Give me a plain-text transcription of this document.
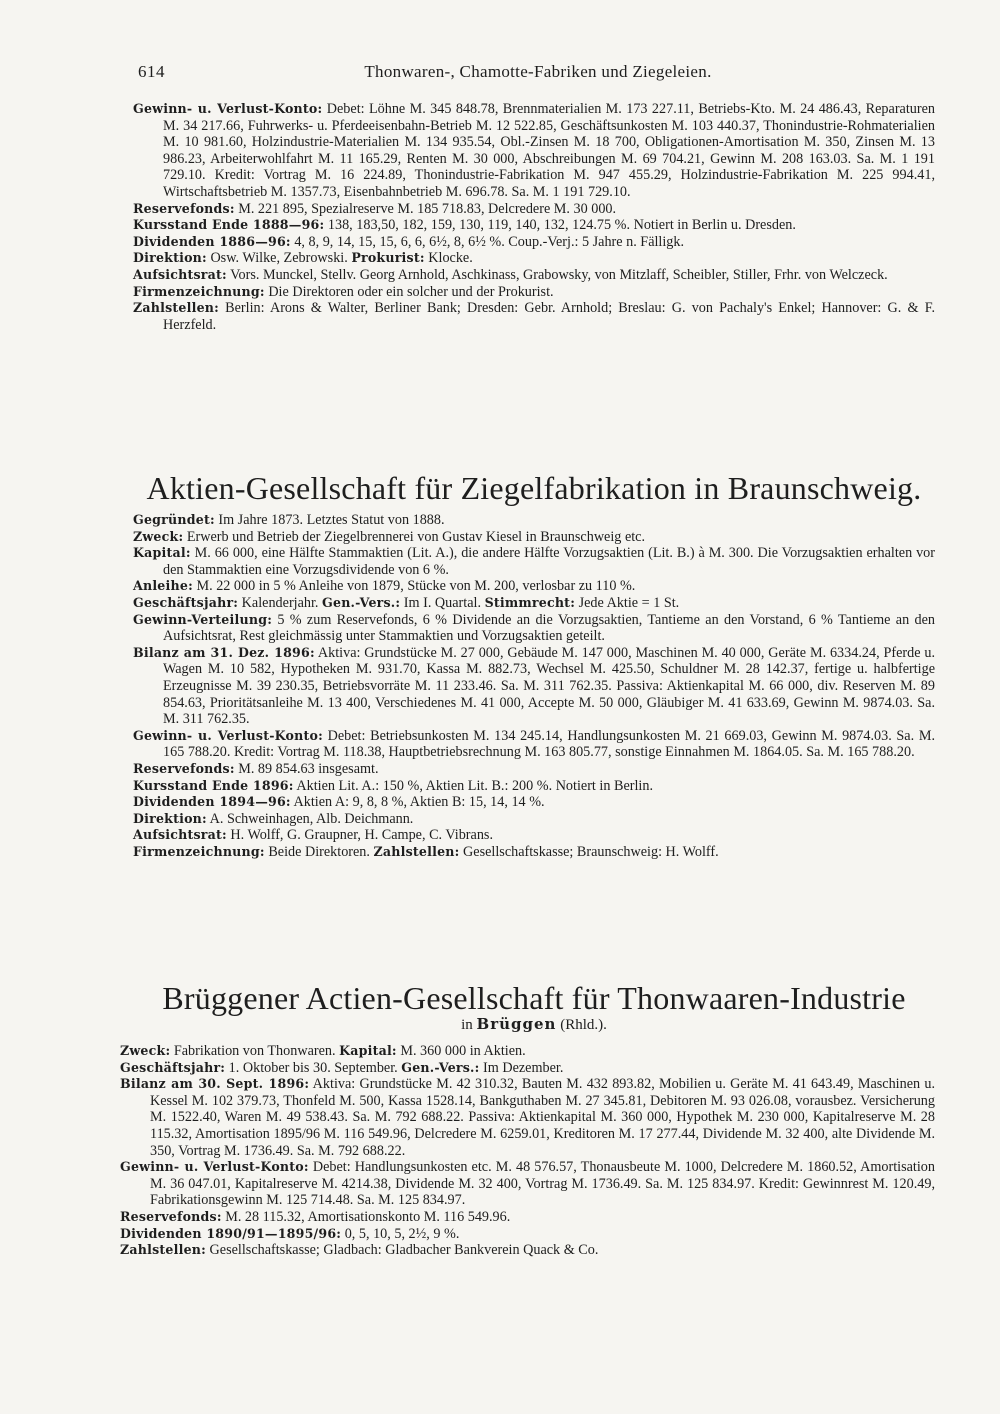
614	Thonwaren-, Chamotte-Fabriken und Ziegeleien.

Gewinn- u. Verlust-Konto: Debet: Löhne M. 345 848.78, Brennmaterialien M. 173 227.11, Betriebs-Kto. M. 24 486.43, Reparaturen M. 34 217.66, Fuhrwerks- u. Pferdeeisenbahn-Betrieb M. 12 522.85, Geschäftsunkosten M. 103 440.37, Thonindustrie-Rohmaterialien M. 10 981.60, Holzindustrie-Materialien M. 134 935.54, Obl.-Zinsen M. 18 700, Obligationen-Amortisation M. 350, Zinsen M. 13 986.23, Arbeiterwohlfahrt M. 11 165.29, Renten M. 30 000, Abschreibungen M. 69 704.21, Gewinn M. 208 163.03. Sa. M. 1 191 729.10. Kredit: Vortrag M. 16 224.89, Thonindustrie-Fabrikation M. 947 455.29, Holzindustrie-Fabrikation M. 225 994.41, Wirtschaftsbetrieb M. 1357.73, Eisenbahnbetrieb M. 696.78. Sa. M. 1 191 729.10.

Reservefonds: M. 221 895, Spezialreserve M. 185 718.83, Delcredere M. 30 000.

Kursstand Ende 1888—96: 138, 183,50, 182, 159, 130, 119, 140, 132, 124.75 %. Notiert in Berlin u. Dresden.

Dividenden 1886—96: 4, 8, 9, 14, 15, 15, 6, 6, 6½, 8, 6½ %. Coup.-Verj.: 5 Jahre n. Fälligk.

Direktion: Osw. Wilke, Zebrowski. Prokurist: Klocke.

Aufsichtsrat: Vors. Munckel, Stellv. Georg Arnhold, Aschkinass, Grabowsky, von Mitzlaff, Scheibler, Stiller, Frhr. von Welczeck.

Firmenzeichnung: Die Direktoren oder ein solcher und der Prokurist.

Zahlstellen: Berlin: Arons & Walter, Berliner Bank; Dresden: Gebr. Arnhold; Breslau: G. von Pachaly's Enkel; Hannover: G. & F. Herzfeld.

Aktien-Gesellschaft für Ziegelfabrikation in Braunschweig.

Gegründet: Im Jahre 1873. Letztes Statut von 1888.

Zweck: Erwerb und Betrieb der Ziegelbrennerei von Gustav Kiesel in Braunschweig etc.

Kapital: M. 66 000, eine Hälfte Stammaktien (Lit. A.), die andere Hälfte Vorzugsaktien (Lit. B.) à M. 300. Die Vorzugsaktien erhalten vor den Stammaktien eine Vorzugsdividende von 6 %.

Anleihe: M. 22 000 in 5 % Anleihe von 1879, Stücke von M. 200, verlosbar zu 110 %.

Geschäftsjahr: Kalenderjahr. Gen.-Vers.: Im I. Quartal. Stimmrecht: Jede Aktie = 1 St.

Gewinn-Verteilung: 5 % zum Reservefonds, 6 % Dividende an die Vorzugsaktien, Tantieme an den Vorstand, 6 % Tantieme an den Aufsichtsrat, Rest gleichmässig unter Stammaktien und Vorzugsaktien geteilt.

Bilanz am 31. Dez. 1896: Aktiva: Grundstücke M. 27 000, Gebäude M. 147 000, Maschinen M. 40 000, Geräte M. 6334.24, Pferde u. Wagen M. 10 582, Hypotheken M. 931.70, Kassa M. 882.73, Wechsel M. 425.50, Schuldner M. 28 142.37, fertige u. halbfertige Erzeugnisse M. 39 230.35, Betriebsvorräte M. 11 233.46. Sa. M. 311 762.35. Passiva: Aktienkapital M. 66 000, div. Reserven M. 89 854.63, Prioritätsanleihe M. 13 400, Verschiedenes M. 41 000, Accepte M. 50 000, Gläubiger M. 41 633.69, Gewinn M. 9874.03. Sa. M. 311 762.35.

Gewinn- u. Verlust-Konto: Debet: Betriebsunkosten M. 134 245.14, Handlungsunkosten M. 21 669.03, Gewinn M. 9874.03. Sa. M. 165 788.20. Kredit: Vortrag M. 118.38, Hauptbetriebsrechnung M. 163 805.77, sonstige Einnahmen M. 1864.05. Sa. M. 165 788.20.

Reservefonds: M. 89 854.63 insgesamt.

Kursstand Ende 1896: Aktien Lit. A.: 150 %, Aktien Lit. B.: 200 %. Notiert in Berlin.

Dividenden 1894—96: Aktien A: 9, 8, 8 %, Aktien B: 15, 14, 14 %.

Direktion: A. Schweinhagen, Alb. Deichmann.

Aufsichtsrat: H. Wolff, G. Graupner, H. Campe, C. Vibrans.

Firmenzeichnung: Beide Direktoren. Zahlstellen: Gesellschaftskasse; Braunschweig: H. Wolff.

Brüggener Actien-Gesellschaft für Thonwaaren-Industrie

in Brüggen (Rhld.).

Zweck: Fabrikation von Thonwaren. Kapital: M. 360 000 in Aktien.

Geschäftsjahr: 1. Oktober bis 30. September. Gen.-Vers.: Im Dezember.

Bilanz am 30. Sept. 1896: Aktiva: Grundstücke M. 42 310.32, Bauten M. 432 893.82, Mobilien u. Geräte M. 41 643.49, Maschinen u. Kessel M. 102 379.73, Thonfeld M. 500, Kassa 1528.14, Bankguthaben M. 27 345.81, Debitoren M. 93 026.08, vorausbez. Versicherung M. 1522.40, Waren M. 49 538.43. Sa. M. 792 688.22. Passiva: Aktienkapital M. 360 000, Hypothek M. 230 000, Kapitalreserve M. 28 115.32, Amortisation 1895/96 M. 116 549.96, Delcredere M. 6259.01, Kreditoren M. 17 277.44, Dividende M. 32 400, alte Dividende M. 350, Vortrag M. 1736.49. Sa. M. 792 688.22.

Gewinn- u. Verlust-Konto: Debet: Handlungsunkosten etc. M. 48 576.57, Thonausbeute M. 1000, Delcredere M. 1860.52, Amortisation M. 36 047.01, Kapitalreserve M. 4214.38, Dividende M. 32 400, Vortrag M. 1736.49. Sa. M. 125 834.97. Kredit: Gewinnrest M. 120.49, Fabrikationsgewinn M. 125 714.48. Sa. M. 125 834.97.

Reservefonds: M. 28 115.32, Amortisationskonto M. 116 549.96.

Dividenden 1890/91—1895/96: 0, 5, 10, 5, 2½, 9 %.

Zahlstellen: Gesellschaftskasse; Gladbach: Gladbacher Bankverein Quack & Co.
